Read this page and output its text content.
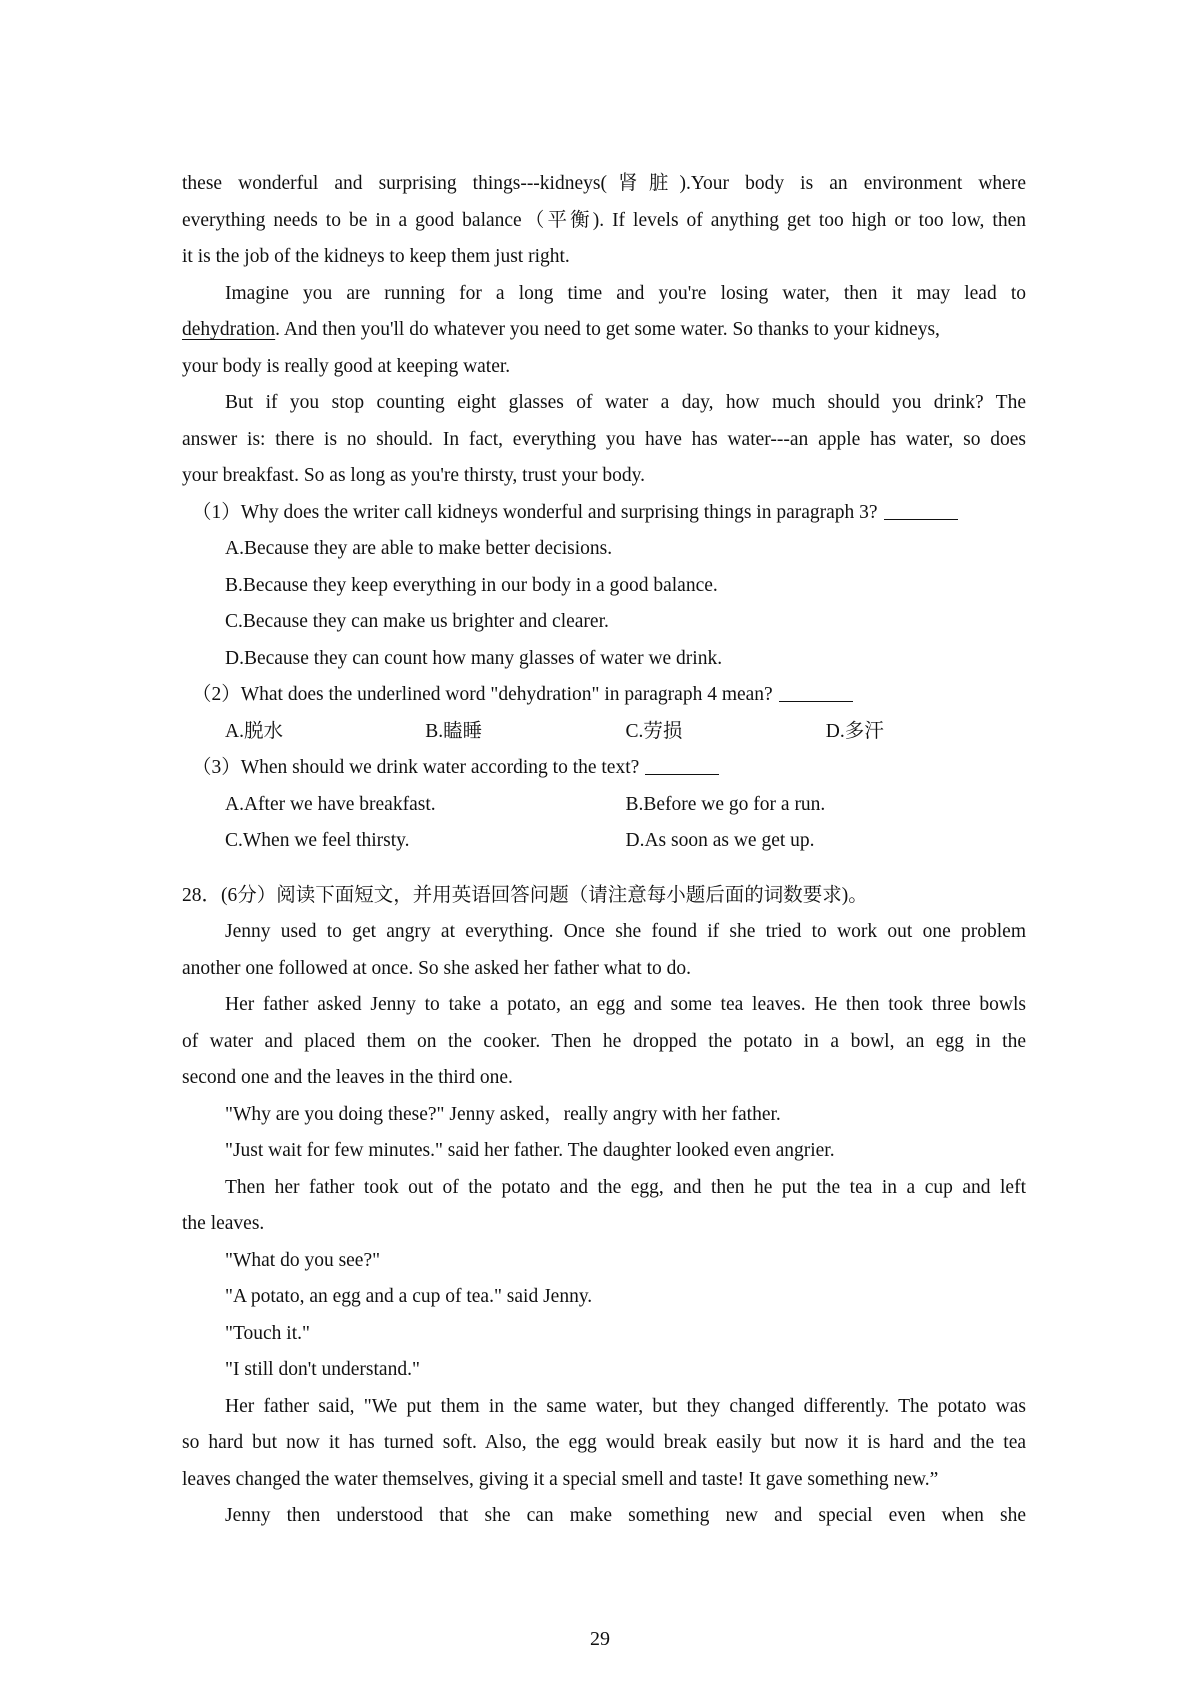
these wonderful and surprising things---kidneys(肾脏).Your body is an environment where
everything needs to be in a good balance（平衡). If levels of anything get too high or too low, then
it is the job of the kidneys to keep them just right.
Imagine you are running for a long time and you're losing water, then it may lead to
dehydration. And then you'll do whatever you need to get some water. So thanks to your kidneys,
your body is really good at keeping water.
But if you stop counting eight glasses of water a day, how much should you drink? The
answer is: there is no should. In fact, everything you have has water---an apple has water, so does
your breakfast. So as long as you're thirsty, trust your body.
（1）Why does the writer call kidneys wonderful and surprising things in paragraph 3?
A.Because they are able to make better decisions.
B.Because they keep everything in our body in a good balance.
C.Because they can make us brighter and clearer.
D.Because they can count how many glasses of water we drink.
（2）What does the underlined word "dehydration" in paragraph 4 mean?
A.脱水	B.瞌睡	C.劳损	D.多汗
（3）When should we drink water according to the text?
A.After we have breakfast.	B.Before we go for a run.
C.When we feel thirsty.	D.As soon as we get up.
28．(6分）阅读下面短文，并用英语回答问题（请注意每小题后面的词数要求)。
Jenny used to get angry at everything. Once she found if she tried to work out one problem
another one followed at once. So she asked her father what to do.
Her father asked Jenny to take a potato, an egg and some tea leaves. He then took three bowls
of water and placed them on the cooker. Then he dropped the potato in a bowl, an egg in the
second one and the leaves in the third one.
"Why are you doing these?" Jenny asked，really angry with her father.
"Just wait for few minutes." said her father. The daughter looked even angrier.
Then her father took out of the potato and the egg, and then he put the tea in a cup and left
the leaves.
"What do you see?"
"A potato, an egg and a cup of tea." said Jenny.
"Touch it."
"I still don't understand."
Her father said, "We put them in the same water, but they changed differently. The potato was
so hard but now it has turned soft. Also, the egg would break easily but now it is hard and the tea
leaves changed the water themselves, giving it a special smell and taste! It gave something new.”
Jenny then understood that she can make something new and special even when she
29
